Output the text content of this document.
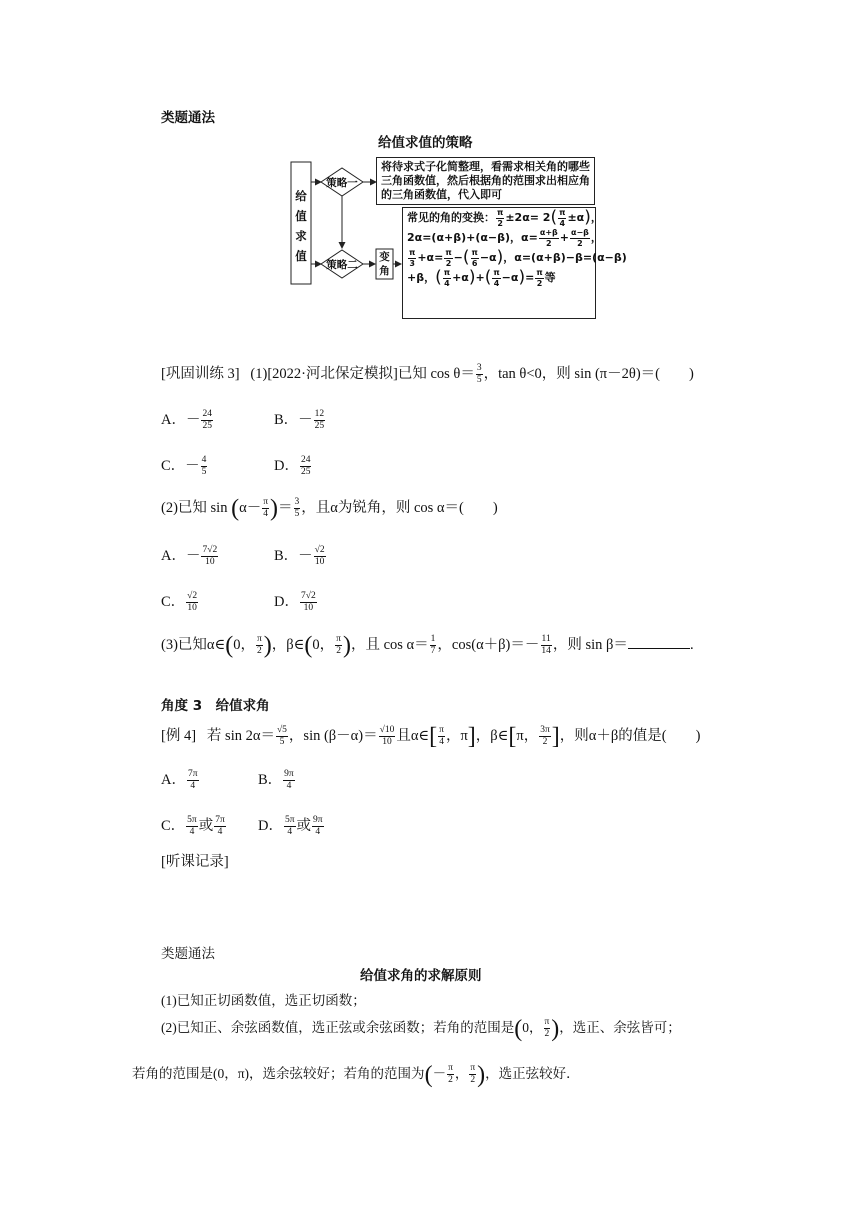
类题通法
给值求值的策略
给
值
求
值
策略一
策略二
变
角
将待求式子化简整理，看需求相关角的哪些三角函数值，然后根据角的范围求出相应角的三角函数值，代入即可
常见的角的变换： $\frac{\pi}{2} \pm 2\alpha= 2( \frac{\pi}{4} \pm\alpha)$，
2α=(α+β)+(α−β)，$\alpha= \frac{\alpha+\beta}{2} + \frac{\alpha-\beta}{2}$ ，
$\frac{\pi}{3} +\alpha= \frac{\pi}{2}$ −( $\frac{\pi}{6} -\alpha$)，α=(α+β)−β=(α−β)
+β，( $\frac{\pi}{4} +\alpha)+( \frac{\pi}{4} -\alpha)= \frac{\pi}{2}$ 等
[巩固训练 3] (1)[2022·河北保定模拟]已知 $\cos \theta= \frac{3}{5}$ ，tan θ<0，则 sin (π－2θ)＝(　　)
A．－ $\frac{24}{25}$	B．－ $\frac{12}{25}$
C．－ $\frac{4}{5}$	D． $\frac{24}{25}$
(2)已知 $\sin (\alpha- \frac{\pi}{4}$ )＝ $\frac{3}{5}$ ，且α为锐角，则 cos α＝(　　)
A．－ $\frac{7√2}{10}$	B．－ $\frac{√2}{10}$
C． $\frac{√2}{10}$	D． $\frac{7√2}{10}$
(3)已知α∈(0， $\frac{\pi}{2}$ )，β∈(0， $\frac{\pi}{2}$ )，且 $\cos \alpha= \frac{1}{7}$ ，$\cos(\alpha+\beta)=- \frac{11}{14}$ ，则 sin β＝	.
角度 3　给值求角
[例 4] 若 $\sin 2\alpha= \frac{√5}{5}$ ，$\sin (\beta-\alpha)= \frac{√10}{10}$ 且α∈[ $\frac{\pi}{4}$ ，π]，β∈[π， $\frac{3\pi}{2}$ ]，则α＋β的值是(　　)
A． $\frac{7\pi}{4}$	B． $\frac{9\pi}{4}$
C． $\frac{5\pi}{4}$ 或 $\frac{7\pi}{4}$ D． $\frac{5\pi}{4}$ 或 $\frac{9\pi}{4}$
[听课记录]
类题通法
给值求角的求解原则
(1)已知正切函数值，选正切函数；
(2)已知正、余弦函数值，选正弦或余弦函数；若角的范围是(0， $\frac{\pi}{2}$ )，选正、余弦皆可；
若角的范围是(0，π)，选余弦较好；若角的范围为(－ $\frac{\pi}{2}$ ， $\frac{\pi}{2}$ )，选正弦较好．
